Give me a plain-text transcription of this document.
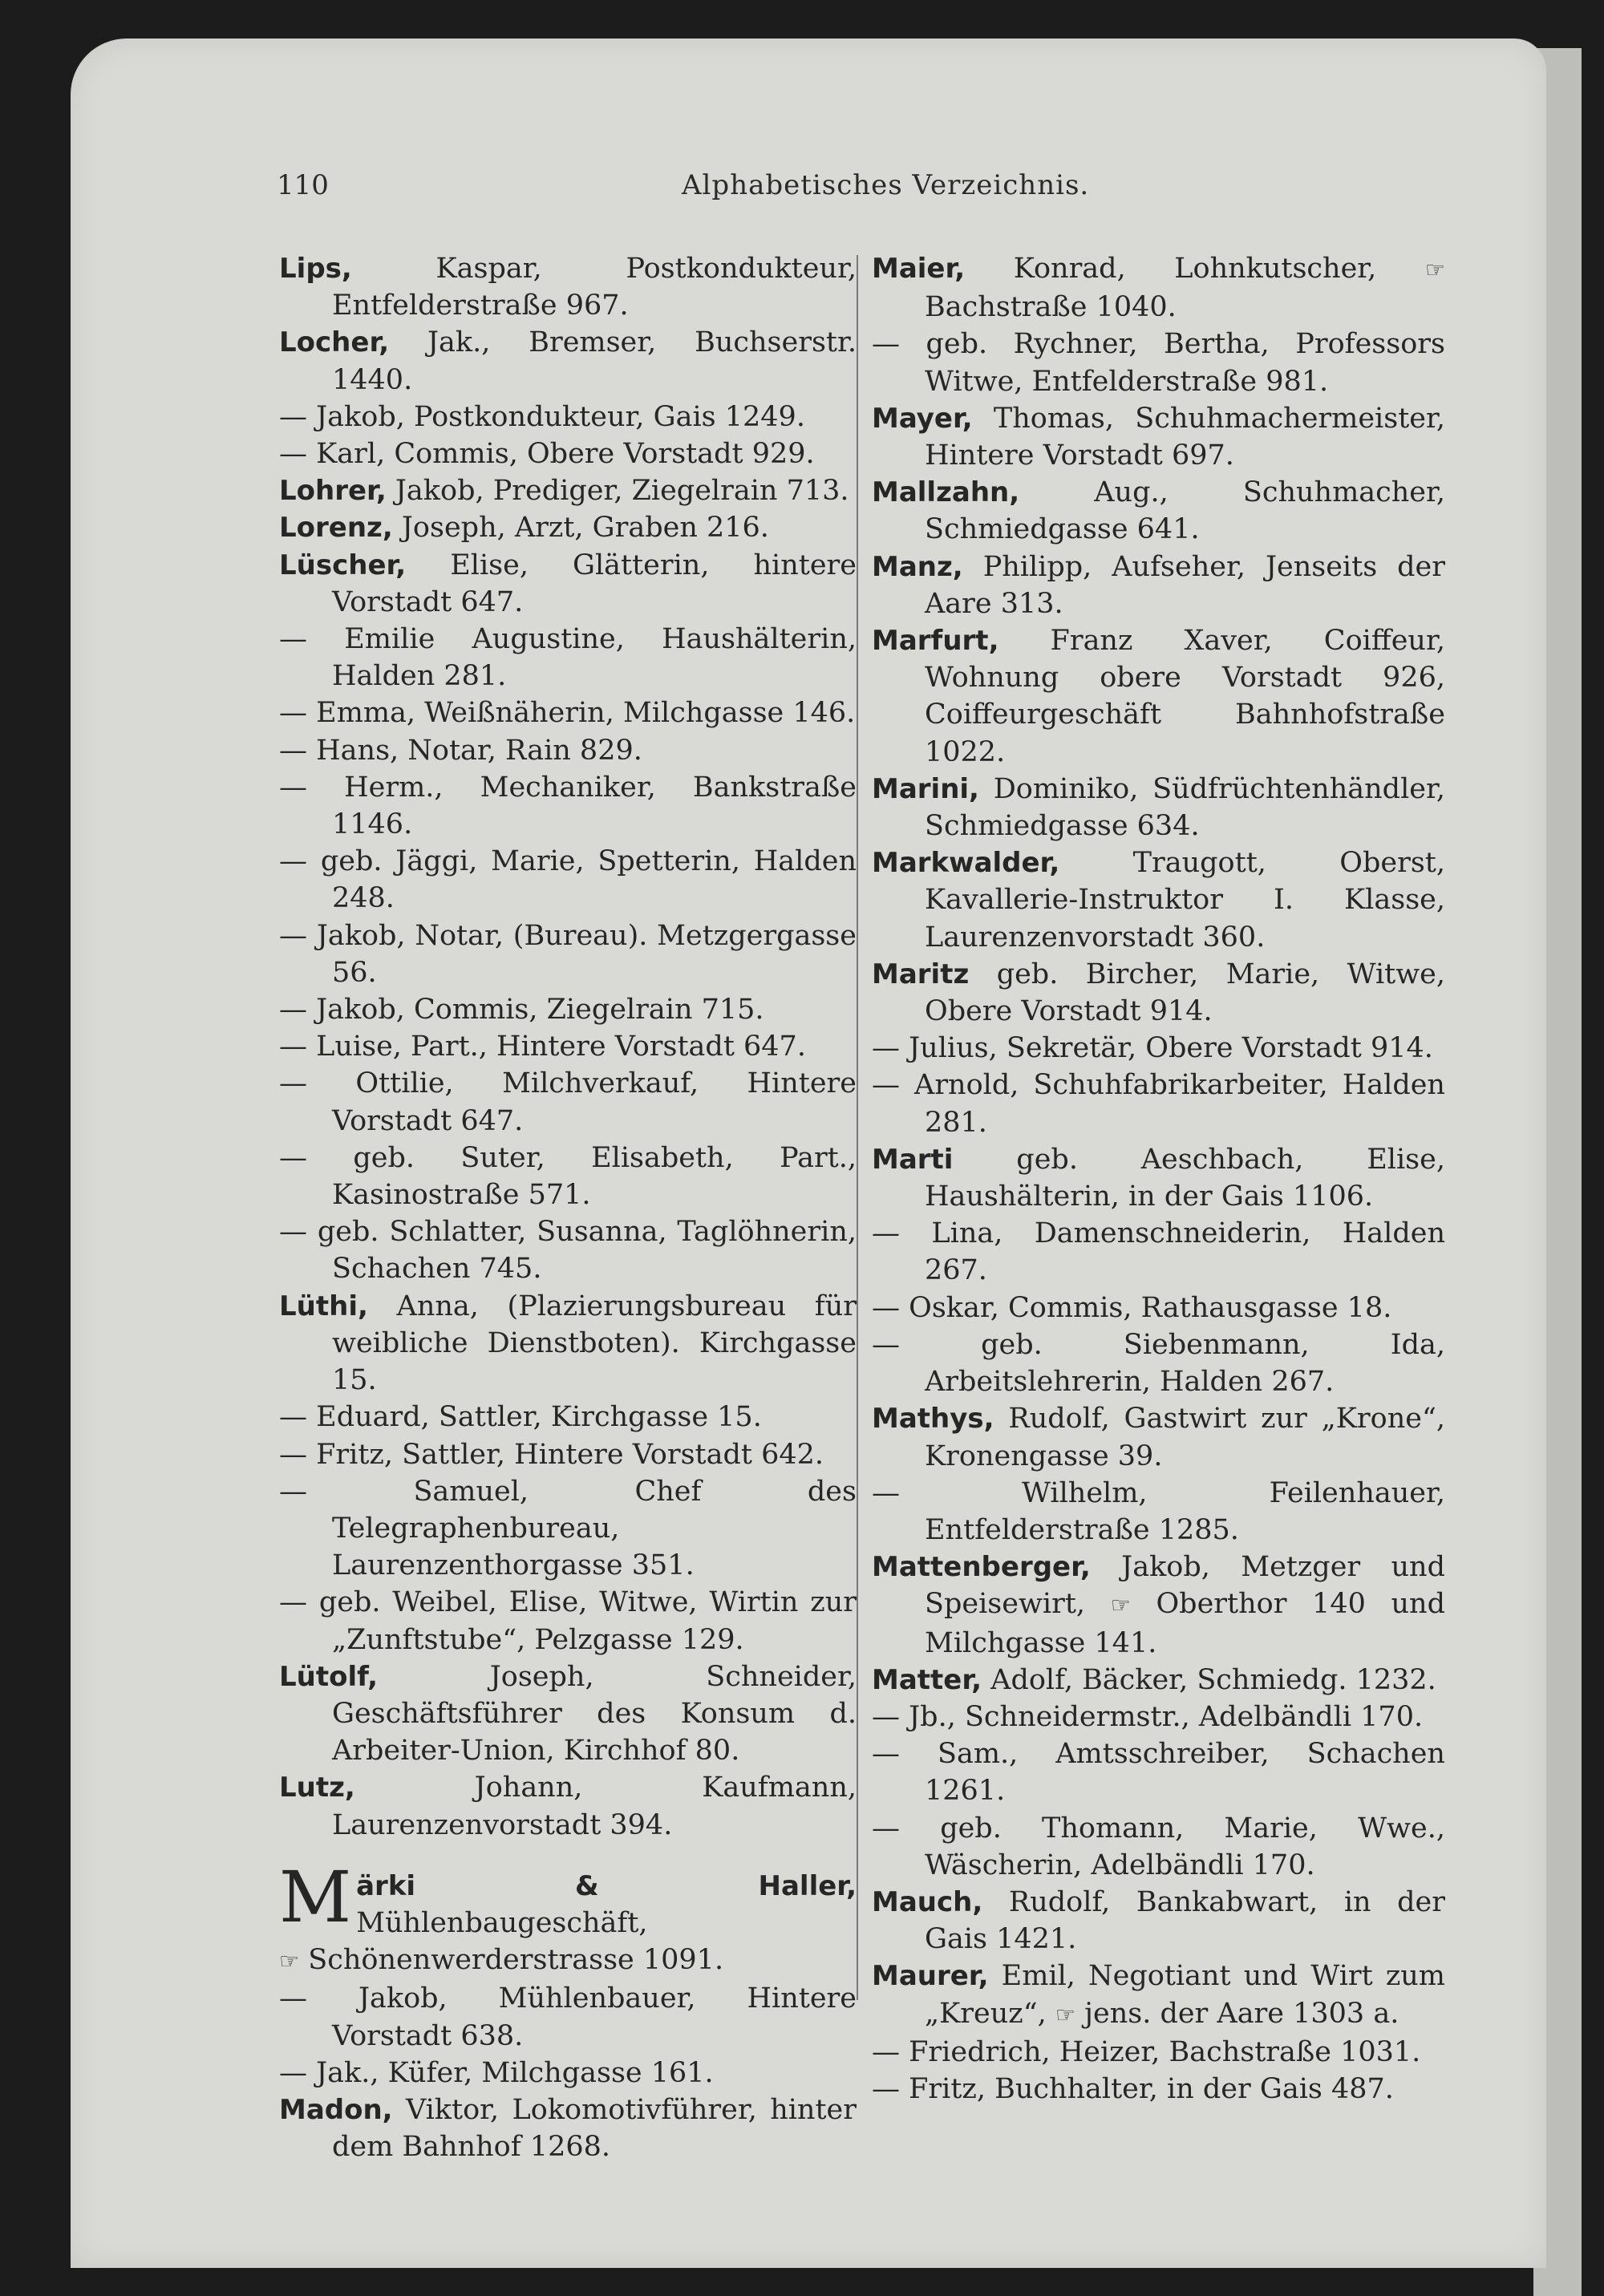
110	Alphabetisches Verzeichnis.
Lips,	Kaspar, Postkondukteur, Entfelderstraße 967.
Locher, Jak., Bremser, Buchserstr. 1440.
— Jakob, Postkondukteur, Gais 1249.
— Karl, Commis, Obere Vorstadt 929.
Lohrer, Jakob, Prediger, Ziegelrain 713.
Lorenz, Joseph, Arzt, Graben 216.
Lüscher, Elise, Glätterin, hintere Vorstadt 647.
— Emilie Augustine, Haushälterin, Halden 281.
— Emma, Weißnäherin, Milchgasse 146.
— Hans, Notar, Rain 829.
— Herm., Mechaniker, Bankstraße 1146.
— geb. Jäggi, Marie, Spetterin, Halden 248.
— Jakob, Notar, (Bureau). Metzgergasse 56.
— Jakob, Commis, Ziegelrain 715.
— Luise, Part., Hintere Vorstadt 647.
— Ottilie, Milchverkauf, Hintere Vorstadt 647.
— geb. Suter, Elisabeth, Part., Kasinostraße 571.
— geb. Schlatter, Susanna, Taglöhnerin, Schachen 745.
Lüthi, Anna, (Plazierungsbureau für weibliche Dienstboten). Kirchgasse 15.
— Eduard, Sattler, Kirchgasse 15.
— Fritz, Sattler, Hintere Vorstadt 642.
— Samuel, Chef des Telegraphenbureau, Laurenzenthorgasse 351.
— geb. Weibel, Elise, Witwe, Wirtin zur „Zunftstube“, Pelzgasse 129.
Lütolf,	Joseph, Schneider, Geschäftsführer des Konsum d. Arbeiter-Union, Kirchhof 80.
Lutz,	Johann, Kaufmann, Laurenzenvorstadt 394.
M ärki & Haller, Mühlenbaugeschäft,
☞ Schönenwerderstrasse 1091.
— Jakob, Mühlenbauer, Hintere Vorstadt 638.
— Jak., Küfer, Milchgasse 161.
Madon, Viktor, Lokomotivführer, hinter dem Bahnhof 1268.
Maier, Konrad, Lohnkutscher, ☞ Bachstraße 1040.
— geb. Rychner, Bertha, Professors Witwe, Entfelderstraße 981.
Mayer, Thomas, Schuhmachermeister, Hintere Vorstadt 697.
Mallzahn,	Aug., Schuhmacher, Schmiedgasse 641.
Manz, Philipp, Aufseher, Jenseits der Aare 313.
Marfurt, Franz Xaver, Coiffeur, Wohnung obere Vorstadt 926, Coiffeurgeschäft Bahnhofstraße 1022.
Marini, Dominiko, Südfrüchtenhändler, Schmiedgasse 634.
Markwalder,	Traugott, Oberst, Kavallerie-Instruktor I. Klasse, Laurenzenvorstadt 360.
Maritz geb. Bircher, Marie, Witwe, Obere Vorstadt 914.
— Julius, Sekretär, Obere Vorstadt 914.
— Arnold, Schuhfabrikarbeiter, Halden 281.
Marti geb. Aeschbach, Elise, Haushälterin, in der Gais 1106.
— Lina, Damenschneiderin, Halden 267.
— Oskar, Commis, Rathausgasse 18.
— geb. Siebenmann, Ida, Arbeitslehrerin, Halden 267.
Mathys, Rudolf, Gastwirt zur „Krone“, Kronengasse 39.
— Wilhelm, Feilenhauer, Entfelderstraße 1285.
Mattenberger, Jakob, Metzger und Speisewirt, ☞ Oberthor 140 und Milchgasse 141.
Matter, Adolf, Bäcker, Schmiedg. 1232.
— Jb., Schneidermstr., Adelbändli 170.
— Sam., Amtsschreiber, Schachen 1261.
— geb. Thomann, Marie, Wwe., Wäscherin, Adelbändli 170.
Mauch, Rudolf, Bankabwart, in der Gais 1421.
Maurer, Emil, Negotiant und Wirt zum „Kreuz“, ☞ jens. der Aare 1303 a.
— Friedrich, Heizer, Bachstraße 1031.
— Fritz, Buchhalter, in der Gais 487.
